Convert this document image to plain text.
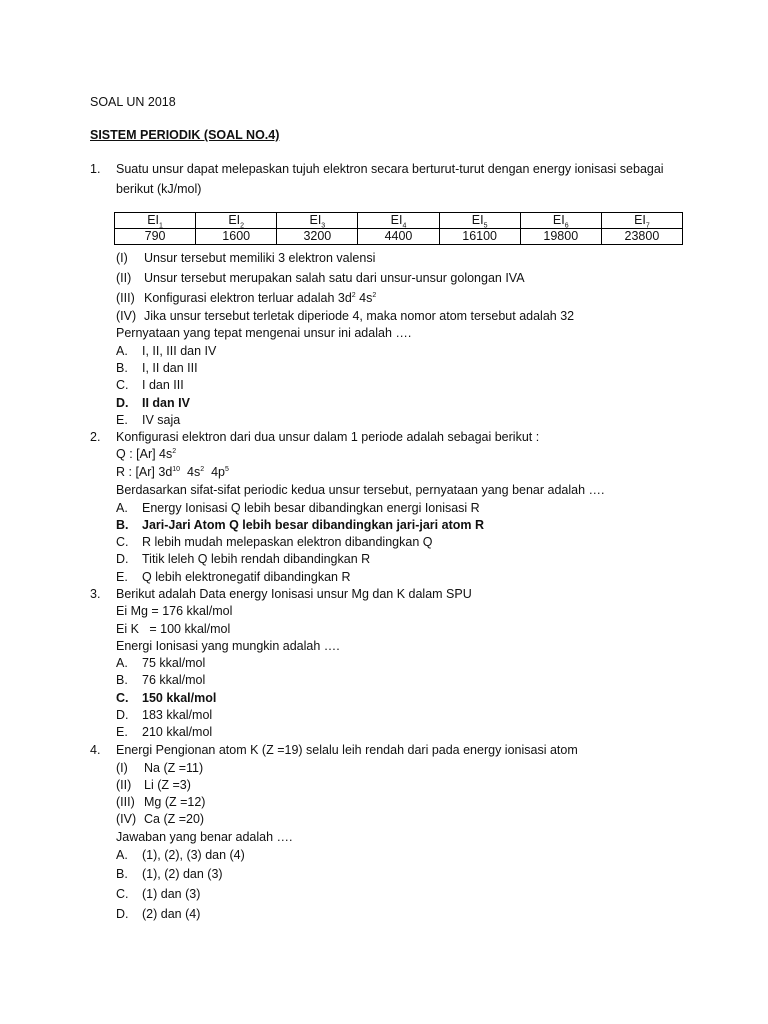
SOAL UN 2018
SISTEM PERIODIK (SOAL NO.4)
1. Suatu unsur dapat melepaskan tujuh elektron secara berturut-turut dengan energy ionisasi sebagai
berikut (kJ/mol)
$EI_1$	$EI_2$	$EI_3$	$EI_4$	$EI_5$	$EI_6$	$EI_7$
790	1600	3200	4400	16100	19800	23800
(I) Unsur tersebut memiliki 3 elektron valensi
(II) Unsur tersebut merupakan salah satu dari unsur-unsur golongan IVA
(III) Konfigurasi elektron terluar adalah $3d^2$ $4s^2$
(IV) Jika unsur tersebut terletak diperiode 4, maka nomor atom tersebut adalah 32
Pernyataan yang tepat mengenai unsur ini adalah ….
A. I, II, III dan IV
B. I, II dan III
C. I dan III
D. II dan IV
E. IV saja
2. Konfigurasi elektron dari dua unsur dalam 1 periode adalah sebagai berikut :
Q : [Ar] $4s^2$
R : [Ar] $3d^{10}$  $4s^2$  $4p^5$
Berdasarkan sifat-sifat periodic kedua unsur tersebut, pernyataan yang benar adalah ….
A. Energy Ionisasi Q lebih besar dibandingkan energi Ionisasi R
B. Jari-Jari Atom Q lebih besar dibandingkan jari-jari atom R
C. R lebih mudah melepaskan elektron dibandingkan Q
D. Titik leleh Q lebih rendah dibandingkan R
E. Q lebih elektronegatif dibandingkan R
3. Berikut adalah Data energy Ionisasi unsur Mg dan K dalam SPU
Ei Mg = 176 kkal/mol
Ei K   = 100 kkal/mol
Energi Ionisasi yang mungkin adalah ….
A. 75 kkal/mol
B. 76 kkal/mol
C. 150 kkal/mol
D. 183 kkal/mol
E. 210 kkal/mol
4. Energi Pengionan atom K (Z =19) selalu leih rendah dari pada energy ionisasi atom
(I) Na (Z =11)
(II) Li (Z =3)
(III) Mg (Z =12)
(IV) Ca (Z =20)
Jawaban yang benar adalah ….
A. (1), (2), (3) dan (4)
B. (1), (2) dan (3)
C. (1) dan (3)
D. (2) dan (4)
